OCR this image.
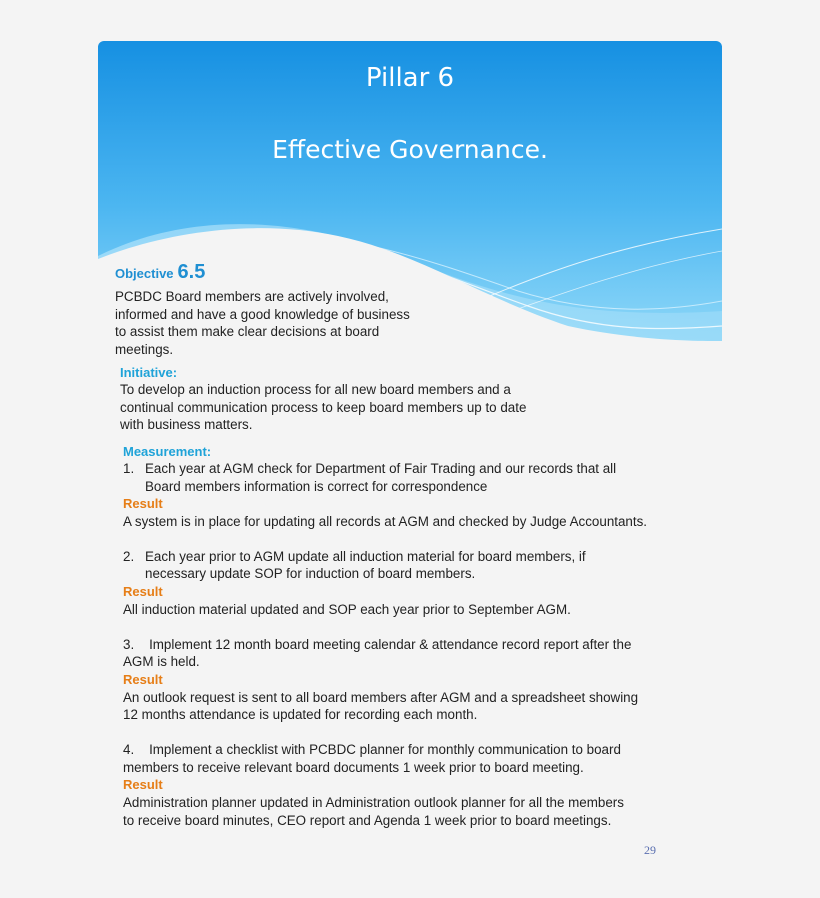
Pillar 6
Effective Governance.
Objective 6.5
PCBDC Board members are actively involved,
informed and have a good knowledge of business
to assist them make clear decisions at board
meetings.
Initiative:
To develop an induction process for all new board members and a
continual communication process to keep board members up to date
with business matters.
Measurement:
1. Each year at AGM check for Department of Fair Trading and our records that all
Board members information is correct for correspondence
Result
A system is in place for updating all records at AGM and checked by Judge Accountants.
2. Each year prior to AGM update all induction material for board members, if
necessary update SOP for induction of board members.
Result
All induction material updated and SOP each year prior to September AGM.
3. Implement 12 month board meeting calendar & attendance record report after the
AGM is held.
Result
An outlook request is sent to all board members after AGM and a spreadsheet showing
12 months attendance is updated for recording each month.
4. Implement a checklist with PCBDC planner for monthly communication to board
members to receive relevant board documents 1 week prior to board meeting.
Result
Administration planner updated in Administration outlook planner for all the members
to receive board minutes, CEO report and Agenda 1 week prior to board meetings.
29
